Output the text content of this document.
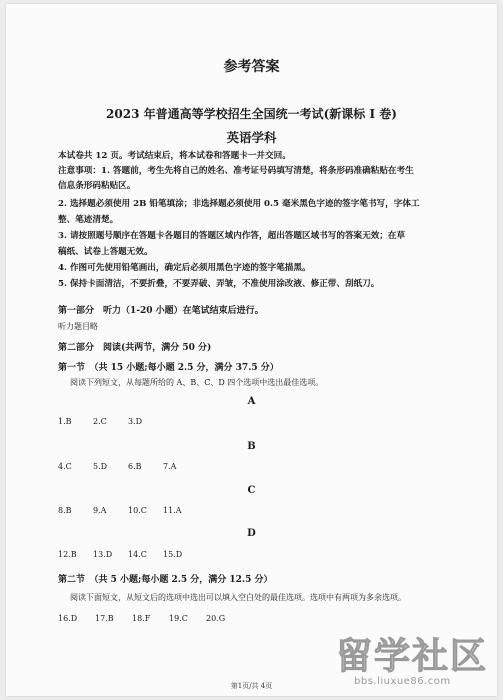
参考答案
2023 年普通高等学校招生全国统一考试(新课标 I 卷)
英语学科
本试卷共 12 页。考试结束后，将本试卷和答题卡一并交回。
注意事项：1. 答题前，考生先将自己的姓名、准考证号码填写清楚，将条形码准确粘贴在考生
信息条形码粘贴区。
2. 选择题必须使用 2B 铅笔填涂；非选择题必须使用 0.5 毫米黑色字迹的签字笔书写，字体工
整、笔迹清楚。
3. 请按照题号顺序在答题卡各题目的答题区域内作答，超出答题区域书写的答案无效；在草
稿纸、试卷上答题无效。
4. 作图可先使用铅笔画出，确定后必须用黑色字迹的签字笔描黑。
5. 保持卡面清洁，不要折叠，不要弄破、弄皱，不准使用涂改液、修正带、刮纸刀。
第一部分　听力（1-20 小题）在笔试结束后进行。
听力题目略
第二部分　阅读(共两节，满分 50 分)
第一节　（共 15 小题;每小题 2.5 分，满分 37.5 分）
阅读下列短文，从每题所给的 A、B、C、D 四个选项中选出最佳选项。
A
1.B	2.C	3.D
B
4.C	5.D	6.B	7.A
C
8.B	9.A	10.C	11.A
D
12.B	13.D	14.C	15.D
第二节　（共 5 小题;每小题 2.5 分，满分 12.5 分）
阅读下面短文，从短文后的选项中选出可以填入空白处的最佳选项。选项中有两项为多余选项。
16.D	17.B	18.F	19.C	20.G
第1页/共 4页
留学社区
bbs.liuxue86.com
